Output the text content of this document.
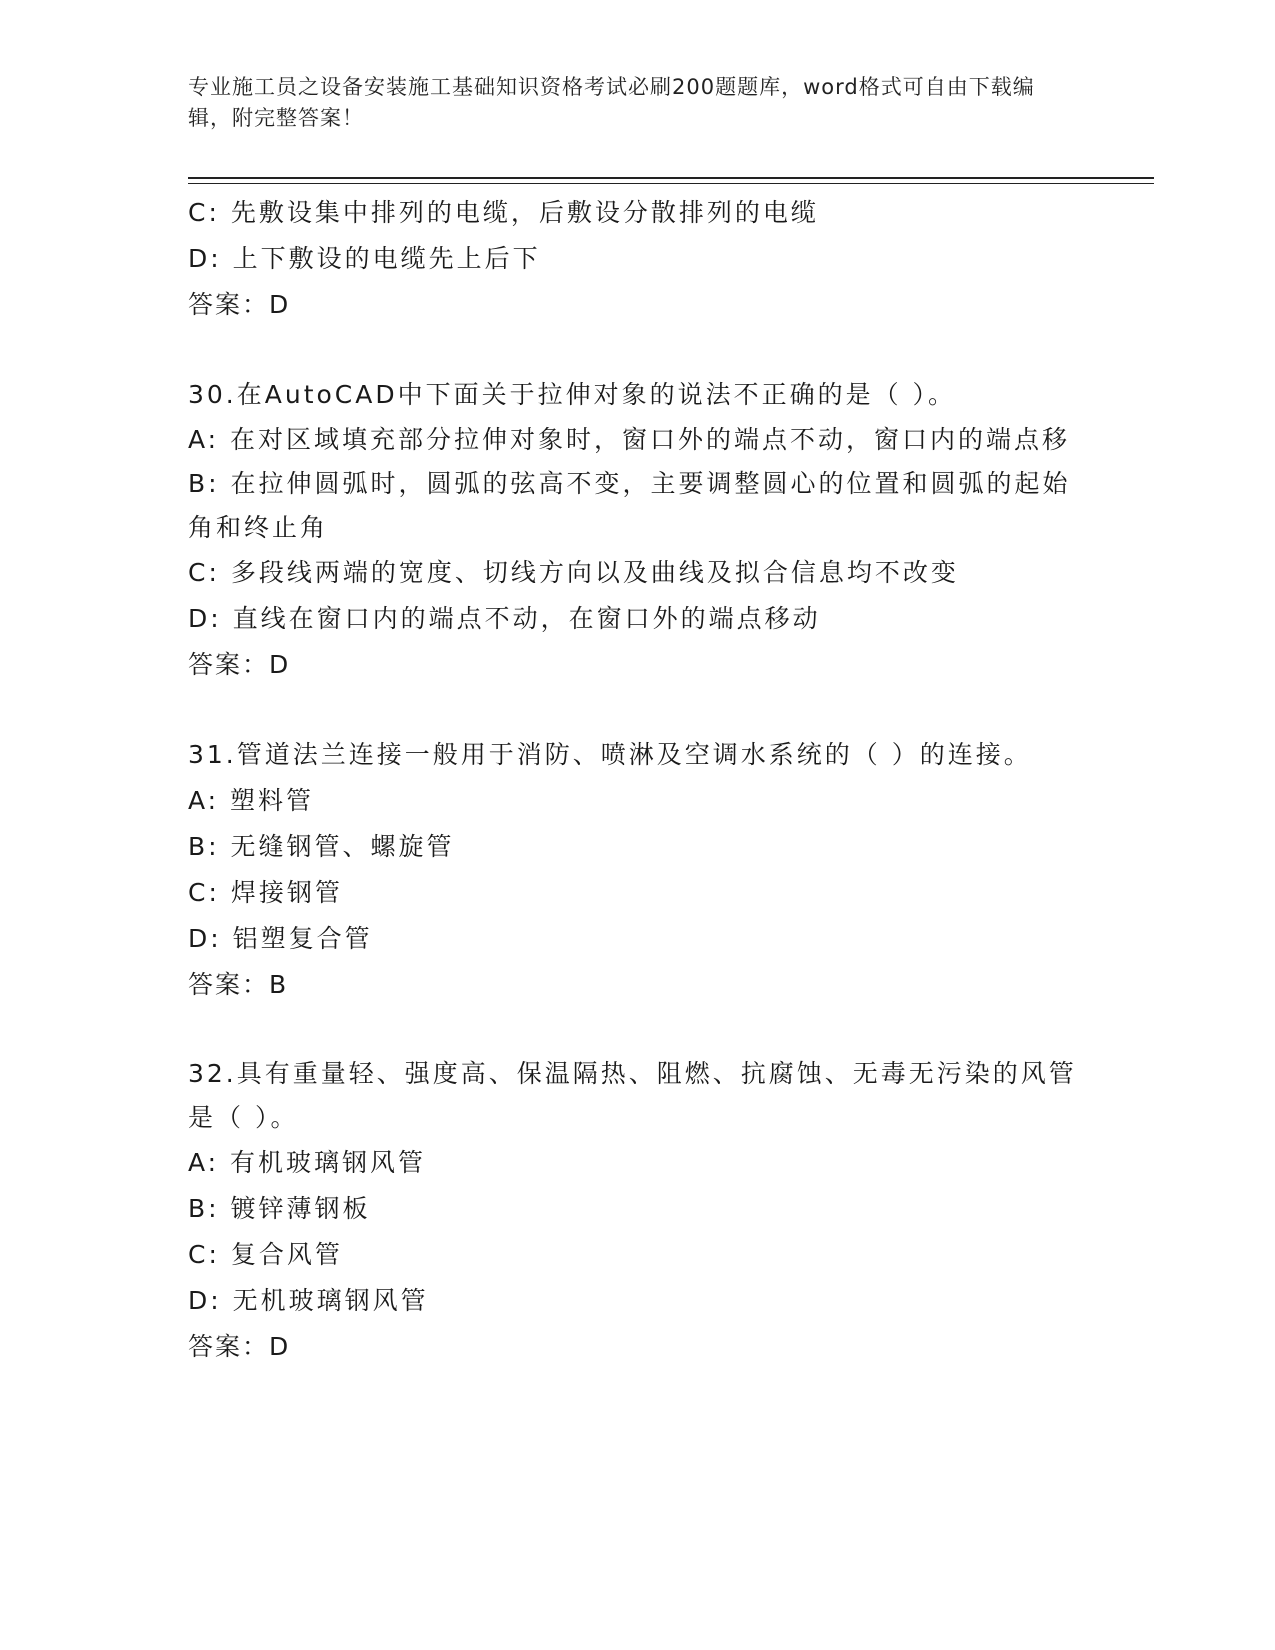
专业施工员之设备安装施工基础知识资格考试必刷200题题库，word格式可自由下载编辑，附完整答案！
C: 先敷设集中排列的电缆，后敷设分散排列的电缆
D: 上下敷设的电缆先上后下
答案：D
30.在AutoCAD中下面关于拉伸对象的说法不正确的是（ ）。
A: 在对区域填充部分拉伸对象时，窗口外的端点不动，窗口内的端点移
B: 在拉伸圆弧时，圆弧的弦高不变，主要调整圆心的位置和圆弧的起始角和终止角
C: 多段线两端的宽度、切线方向以及曲线及拟合信息均不改变
D: 直线在窗口内的端点不动，在窗口外的端点移动
答案：D
31.管道法兰连接一般用于消防、喷淋及空调水系统的（ ）的连接。
A: 塑料管
B: 无缝钢管、螺旋管
C: 焊接钢管
D: 铝塑复合管
答案：B
32.具有重量轻、强度高、保温隔热、阻燃、抗腐蚀、无毒无污染的风管是（ ）。
A: 有机玻璃钢风管
B: 镀锌薄钢板
C: 复合风管
D: 无机玻璃钢风管
答案：D
